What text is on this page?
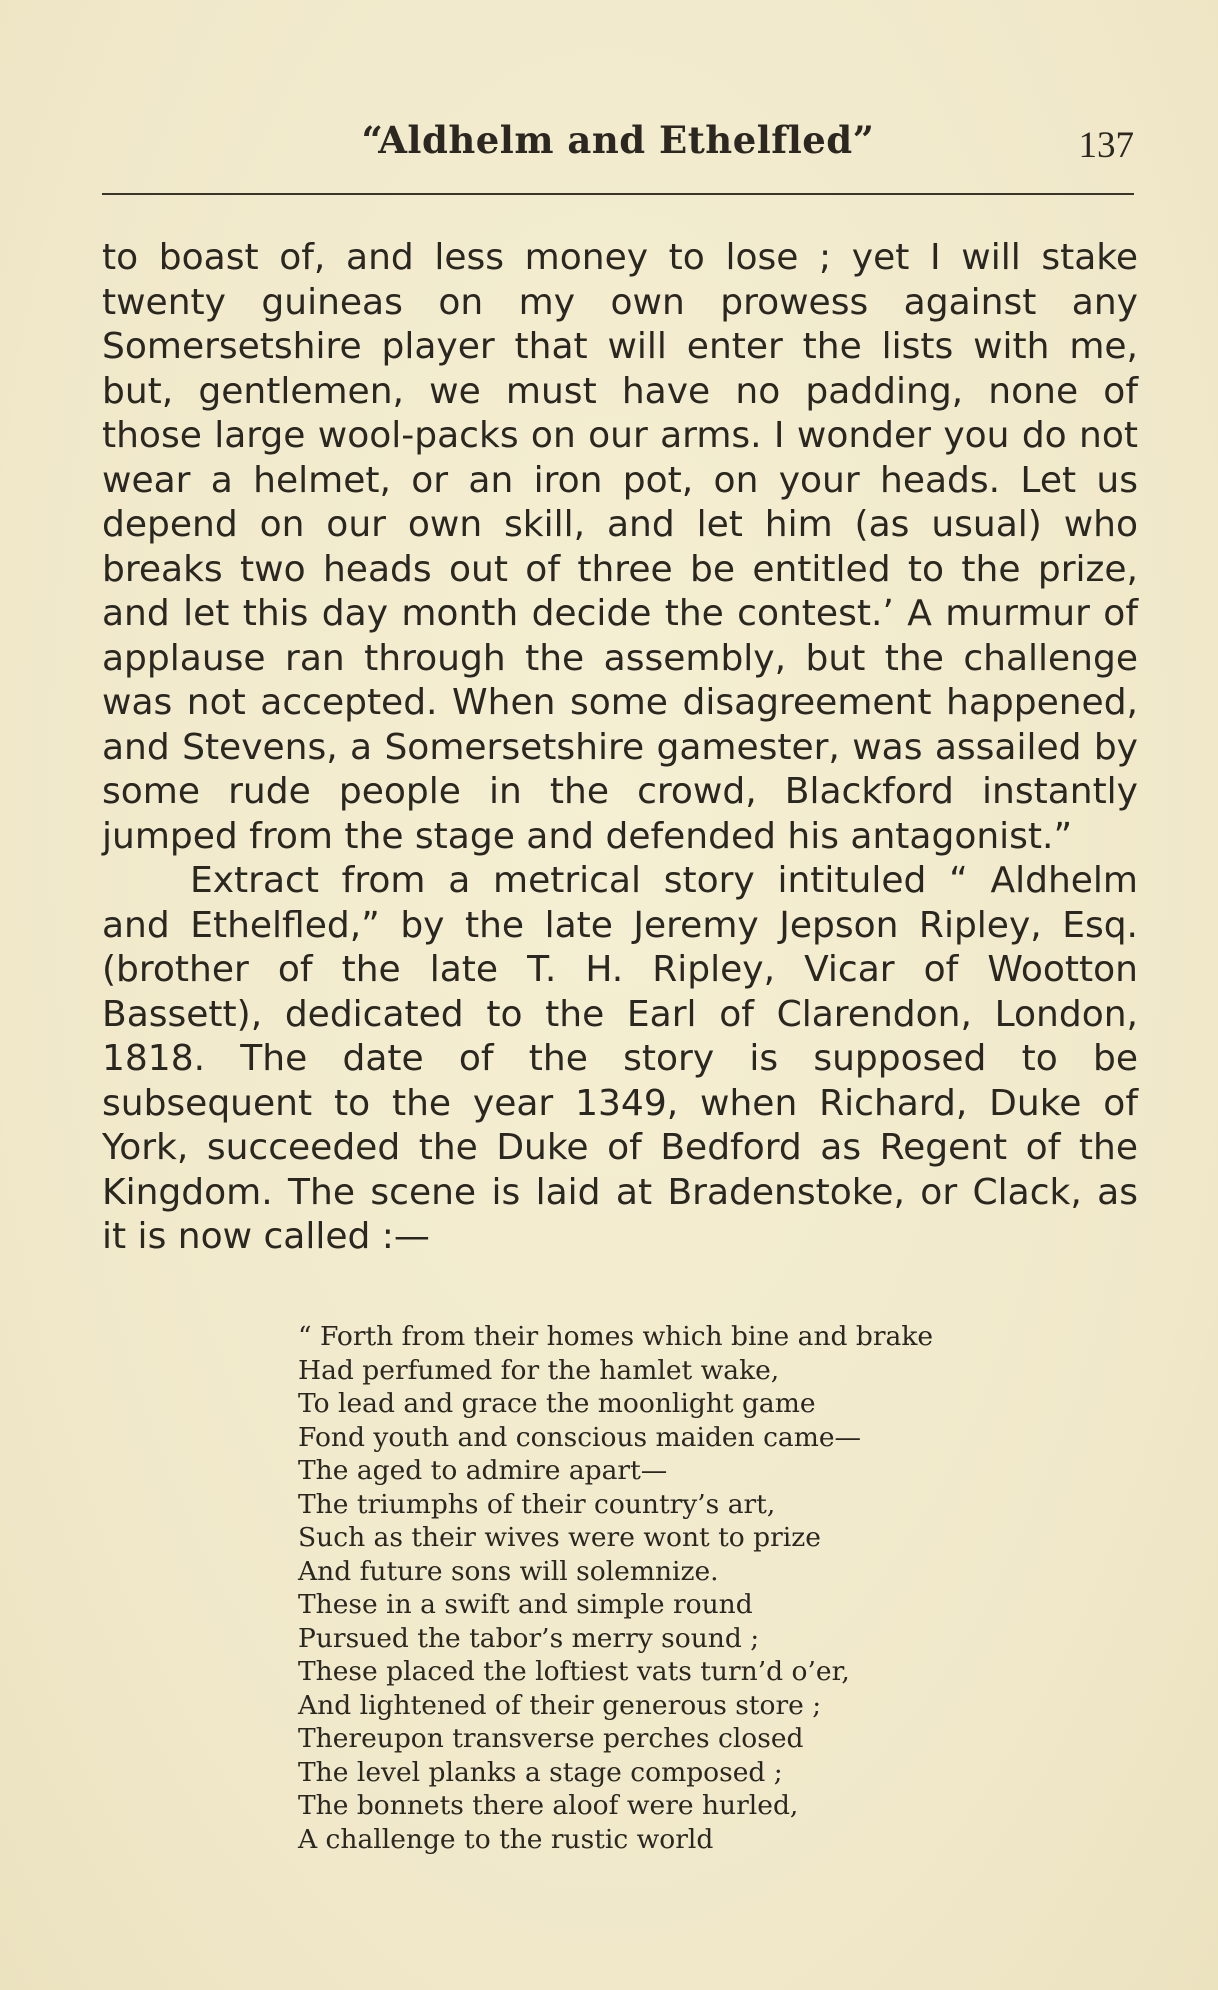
“Aldhelm and Ethelfled”	137

to boast of, and less money to lose ; yet I will stake twenty guineas on my own prowess against any Somersetshire player that will enter the lists with me, but, gentlemen, we must have no padding, none of those large wool-packs on our arms. I wonder you do not wear a helmet, or an iron pot, on your heads. Let us depend on our own skill, and let him (as usual) who breaks two heads out of three be entitled to the prize, and let this day month decide the contest.’ A murmur of applause ran through the assembly, but the challenge was not accepted. When some disagreement happened, and Stevens, a Somersetshire gamester, was assailed by some rude people in the crowd, Blackford instantly jumped from the stage and defended his antagonist.”

Extract from a metrical story intituled “ Aldhelm and Ethelfled,” by the late Jeremy Jepson Ripley, Esq. (brother of the late T. H. Ripley, Vicar of Wootton Bassett), dedicated to the Earl of Clarendon, London, 1818. The date of the story is supposed to be subsequent to the year 1349, when Richard, Duke of York, succeeded the Duke of Bedford as Regent of the Kingdom. The scene is laid at Bradenstoke, or Clack, as it is now called :—

“ Forth from their homes which bine and brake
Had perfumed for the hamlet wake,
To lead and grace the moonlight game
Fond youth and conscious maiden came—
The aged to admire apart—
The triumphs of their country’s art,
Such as their wives were wont to prize
And future sons will solemnize.
These in a swift and simple round
Pursued the tabor’s merry sound ;
These placed the loftiest vats turn’d o’er,
And lightened of their generous store ;
Thereupon transverse perches closed
The level planks a stage composed ;
The bonnets there aloof were hurled,
A challenge to the rustic world
